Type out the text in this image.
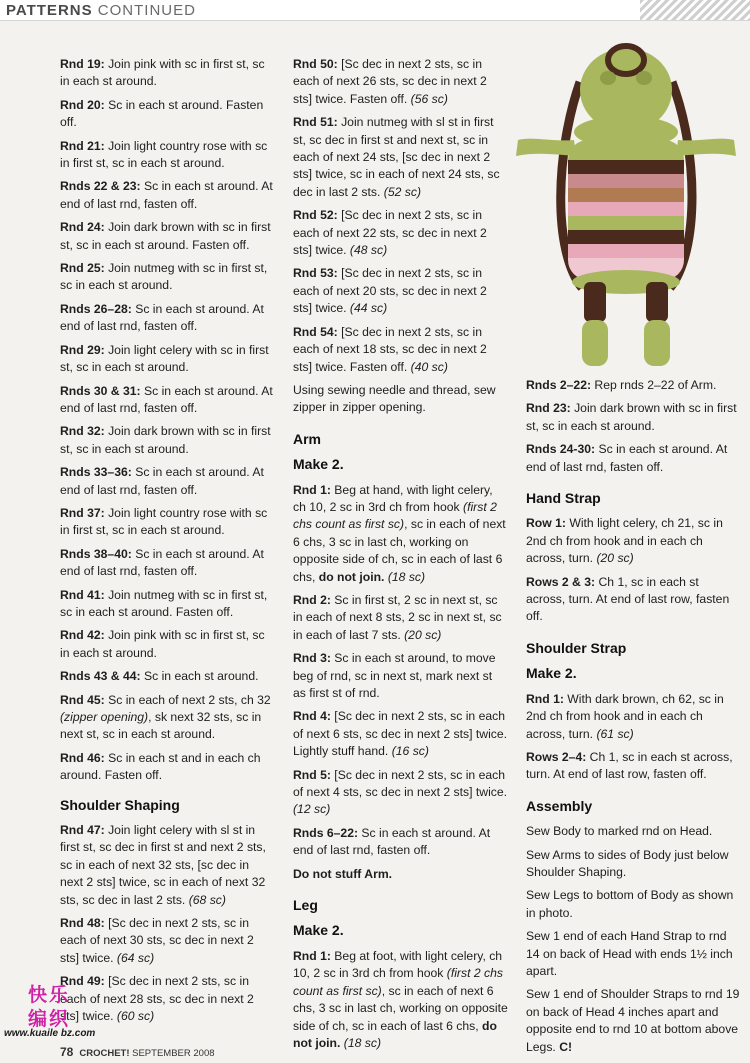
PATTERNS CONTINUED

Rnd 19: Join pink with sc in first st, sc in each st around.

Rnd 20: Sc in each st around. Fasten off.

Rnd 21: Join light country rose with sc in first st, sc in each st around.

Rnds 22 & 23: Sc in each st around. At end of last rnd, fasten off.

Rnd 24: Join dark brown with sc in first st, sc in each st around. Fasten off.

Rnd 25: Join nutmeg with sc in first st, sc in each st around.

Rnds 26–28: Sc in each st around. At end of last rnd, fasten off.

Rnd 29: Join light celery with sc in first st, sc in each st around.

Rnds 30 & 31: Sc in each st around. At end of last rnd, fasten off.

Rnd 32: Join dark brown with sc in first st, sc in each st around.

Rnds 33–36: Sc in each st around. At end of last rnd, fasten off.

Rnd 37: Join light country rose with sc in first st, sc in each st around.

Rnds 38–40: Sc in each st around. At end of last rnd, fasten off.

Rnd 41: Join nutmeg with sc in first st, sc in each st around. Fasten off.

Rnd 42: Join pink with sc in first st, sc in each st around.

Rnds 43 & 44: Sc in each st around.

Rnd 45: Sc in each of next 2 sts, ch 32 (zipper opening), sk next 32 sts, sc in next st, sc in each st around.

Rnd 46: Sc in each st and in each ch around. Fasten off.

Shoulder Shaping

Rnd 47: Join light celery with sl st in first st, sc dec in first st and next 2 sts, sc in each of next 32 sts, [sc dec in next 2 sts] twice, sc in each of next 32 sts, sc dec in last 2 sts. (68 sc)

Rnd 48: [Sc dec in next 2 sts, sc in each of next 30 sts, sc dec in next 2 sts] twice. (64 sc)

Rnd 49: [Sc dec in next 2 sts, sc in each of next 28 sts, sc dec in next 2 sts] twice. (60 sc)

Rnd 50: [Sc dec in next 2 sts, sc in each of next 26 sts, sc dec in next 2 sts] twice. Fasten off. (56 sc)

Rnd 51: Join nutmeg with sl st in first st, sc dec in first st and next st, sc in each of next 24 sts, [sc dec in next 2 sts] twice, sc in each of next 24 sts, sc dec in last 2 sts. (52 sc)

Rnd 52: [Sc dec in next 2 sts, sc in each of next 22 sts, sc dec in next 2 sts] twice. (48 sc)

Rnd 53: [Sc dec in next 2 sts, sc in each of next 20 sts, sc dec in next 2 sts] twice. (44 sc)

Rnd 54: [Sc dec in next 2 sts, sc in each of next 18 sts, sc dec in next 2 sts] twice. Fasten off. (40 sc)

Using sewing needle and thread, sew zipper in zipper opening.

Arm
Make 2.

Rnd 1: Beg at hand, with light celery, ch 10, 2 sc in 3rd ch from hook (first 2 chs count as first sc), sc in each of next 6 chs, 3 sc in last ch, working on opposite side of ch, sc in each of last 6 chs, do not join. (18 sc)

Rnd 2: Sc in first st, 2 sc in next st, sc in each of next 8 sts, 2 sc in next st, sc in each of last 7 sts. (20 sc)

Rnd 3: Sc in each st around, to move beg of rnd, sc in next st, mark next st as first st of rnd.

Rnd 4: [Sc dec in next 2 sts, sc in each of next 6 sts, sc dec in next 2 sts] twice. Lightly stuff hand. (16 sc)

Rnd 5: [Sc dec in next 2 sts, sc in each of next 4 sts, sc dec in next 2 sts] twice. (12 sc)

Rnds 6–22: Sc in each st around. At end of last rnd, fasten off.

Do not stuff Arm.

Leg
Make 2.

Rnd 1: Beg at foot, with light celery, ch 10, 2 sc in 3rd ch from hook (first 2 chs count as first sc), sc in each of next 6 chs, 3 sc in last ch, working on opposite side of ch, sc in each of last 6 chs, do not join. (18 sc)

Rnds 2–22: Rep rnds 2–22 of Arm.

Rnd 23: Join dark brown with sc in first st, sc in each st around.

Rnds 24-30: Sc in each st around. At end of last rnd, fasten off.

Hand Strap

Row 1: With light celery, ch 21, sc in 2nd ch from hook and in each ch across, turn. (20 sc)

Rows 2 & 3: Ch 1, sc in each st across, turn. At end of last row, fasten off.

Shoulder Strap
Make 2.

Rnd 1: With dark brown, ch 62, sc in 2nd ch from hook and in each ch across, turn. (61 sc)

Rows 2–4: Ch 1, sc in each st across, turn. At end of last row, fasten off.

Assembly

Sew Body to marked rnd on Head.

Sew Arms to sides of Body just below Shoulder Shaping.

Sew Legs to bottom of Body as shown in photo.

Sew 1 end of each Hand Strap to rnd 14 on back of Head with ends 1½ inch apart.

Sew 1 end of Shoulder Straps to rnd 19 on back of Head 4 inches apart and opposite end to rnd 10 at bottom above Legs. C!

快乐
编织
www.kuaile bz.com
78 CROCHET! SEPTEMBER 2008
